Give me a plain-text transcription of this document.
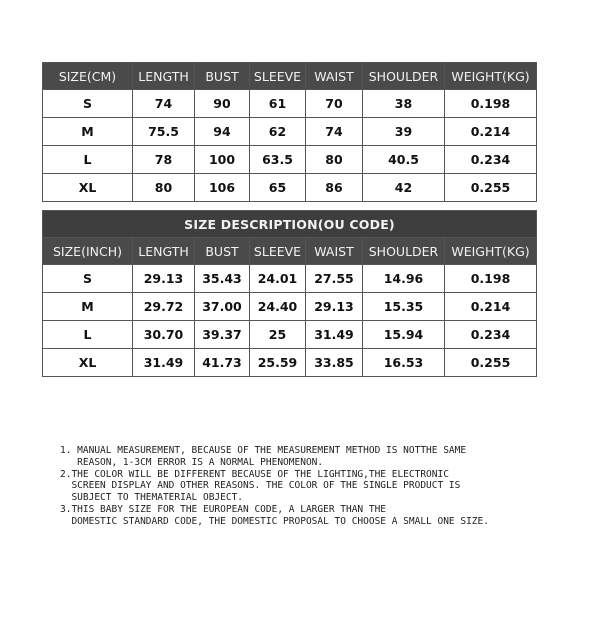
SIZE(CM)	LENGTH	BUST	SLEEVE	WAIST	SHOULDER	WEIGHT(KG)
S	74	90	61	70	38	0.198
M	75.5	94	62	74	39	0.214
L	78	100	63.5	80	40.5	0.234
XL	80	106	65	86	42	0.255
SIZE DESCRIPTION(OU CODE)						
SIZE(INCH)	LENGTH	BUST	SLEEVE	WAIST	SHOULDER	WEIGHT(KG)
S	29.13	35.43	24.01	27.55	14.96	0.198
M	29.72	37.00	24.40	29.13	15.35	0.214
L	30.70	39.37	25	31.49	15.94	0.234
XL	31.49	41.73	25.59	33.85	16.53	0.255
1. MANUAL MEASUREMENT, BECAUSE OF THE MEASUREMENT METHOD IS NOTTHE SAME
REASON, 1-3CM ERROR IS A NORMAL PHENOMENON.
2.THE COLOR WILL BE DIFFERENT BECAUSE OF THE LIGHTING,THE ELECTRONIC
SCREEN DISPLAY AND OTHER REASONS. THE COLOR OF THE SINGLE PRODUCT IS
SUBJECT TO THEMATERIAL OBJECT.
3.THIS BABY SIZE FOR THE EUROPEAN CODE, A LARGER THAN THE
DOMESTIC STANDARD CODE, THE DOMESTIC PROPOSAL TO CHOOSE A SMALL ONE SIZE.
